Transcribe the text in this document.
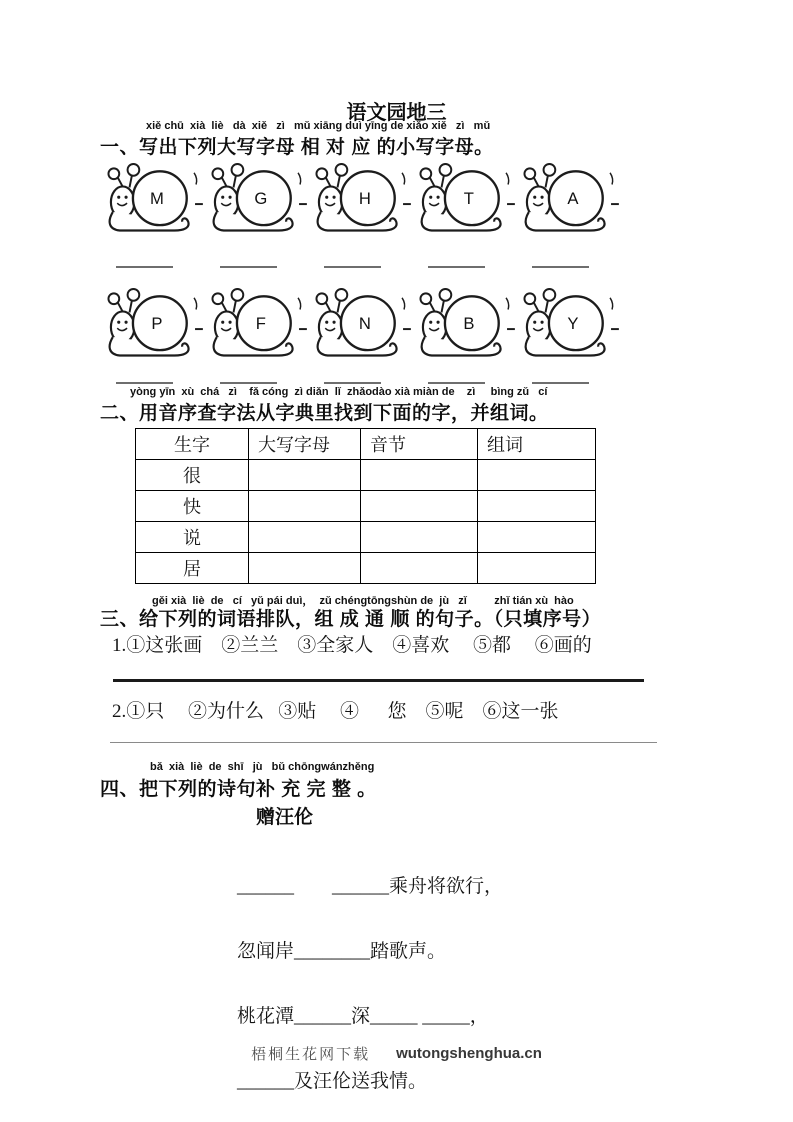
语文园地三
xiě chū  xià  liè   dà  xiě   zì   mǔ xiāng duì yīng de xiǎo xiě   zì   mǔ
一、写出下列大写字母 相 对 应 的小写字母。
M	G	H	T	A
P	F	N	B	Y
yòng yīn  xù  chá   zì    fǎ cóng  zì diǎn  lǐ  zhǎodào xià miàn de    zì     bìng zǔ   cí
二、用音序查字法从字典里找到下面的字，并组词。
生字	大写字母	音节	组词
很			
快			
说			
居			
gěi xià  liè  de   cí   yǔ pái duì，  zǔ chéngtōngshùn de  jù   zǐ         zhǐ tián xù  hào
三、给下列的词语排队，组 成 通 顺 的句子。（只填序号）
1.①这张画    ②兰兰    ③全家人    ④喜欢     ⑤都     ⑥画的
2.①只     ②为什么   ③贴     ④      您    ⑤呢    ⑥这一张
bǎ  xià  liè  de  shī   jù   bǔ chōngwánzhěng
四、把下列的诗句补 充 完 整 。
赠汪伦

______        ______乘舟将欲行，

忽闻岸________踏歌声。

桃花潭______深_____ _____，

______及汪伦送我情。

梧桐生花网下载 wutongshenghua.cn
